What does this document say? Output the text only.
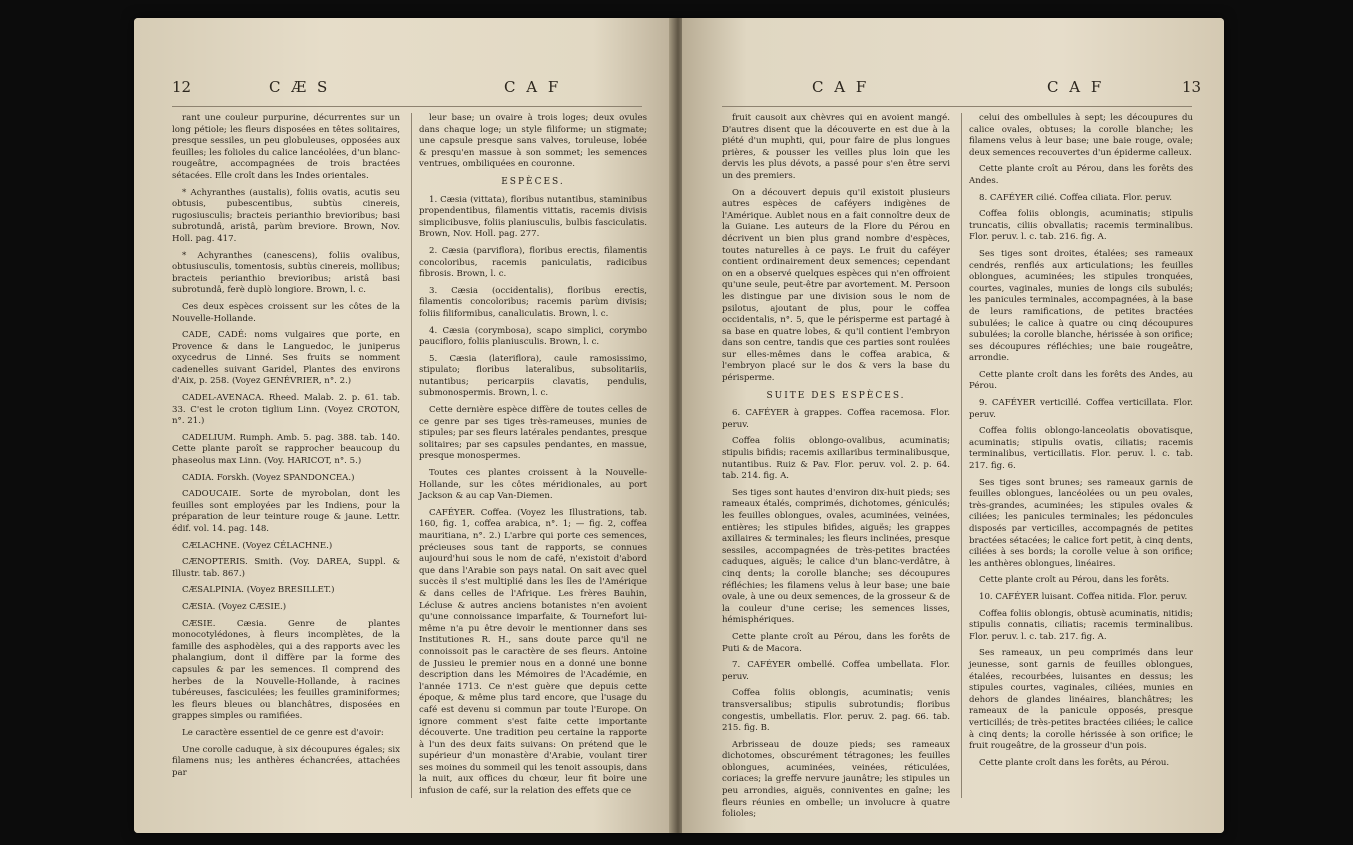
12	C Æ S	C A F

rant une couleur purpurine, décurrentes sur un long pétiole; les fleurs disposées en têtes solitaires, presque sessiles, un peu globuleuses, opposées aux feuilles; les folioles du calice lancéolées, d'un blanc-rougeâtre, accompagnées de trois bractées sétacées. Elle croît dans les Indes orientales.

* Achyranthes (austalis), foliis ovatis, acutis seu obtusis, pubescentibus, subtùs cinereis, rugosiusculis; bracteis perianthio brevioribus; basi subrotundâ, aristâ, parùm breviore. Brown, Nov. Holl. pag. 417.

* Achyranthes (canescens), foliis ovalibus, obtusiusculis, tomentosis, subtùs cinereis, mollibus; bracteis perianthio brevioribus; aristâ basi subrotundâ, ferè duplò longiore. Brown, l. c.

Ces deux espèces croissent sur les côtes de la Nouvelle-Hollande.

CADE, CADÉ: noms vulgaires que porte, en Provence & dans le Languedoc, le juniperus oxycedrus de Linné. Ses fruits se nomment cadenelles suivant Garidel, Plantes des environs d'Aix, p. 258. (Voyez GENÉVRIER, n°. 2.)

CADEL-AVENACA. Rheed. Malab. 2. p. 61. tab. 33. C'est le croton tiglium Linn. (Voyez CROTON, n°. 21.)

CADELIUM. Rumph. Amb. 5. pag. 388. tab. 140. Cette plante paroît se rapprocher beaucoup du phaseolus max Linn. (Voy. HARICOT, n°. 5.)

CADIA. Forskh. (Voyez SPANDONCEA.)

CADOUCAIE. Sorte de myrobolan, dont les feuilles sont employées par les Indiens, pour la préparation de leur teinture rouge & jaune. Lettr. édif. vol. 14. pag. 148.

CÆLACHNE. (Voyez CÉLACHNE.)

CÆNOPTERIS. Smith. (Voy. DAREA, Suppl. & Illustr. tab. 867.)

CÆSALPINIA. (Voyez BRESILLET.)

CÆSIA. (Voyez CÆSIE.)

CÆSIE. Cæsia. Genre de plantes monocotylédones, à fleurs incomplètes, de la famille des asphodèles, qui a des rapports avec les phalangium, dont il diffère par la forme des capsules & par les semences. Il comprend des herbes de la Nouvelle-Hollande, à racines tubéreuses, fasciculées; les feuilles graminiformes; les fleurs bleues ou blanchâtres, disposées en grappes simples ou ramifiées.

Le caractère essentiel de ce genre est d'avoir:

Une corolle caduque, à six découpures égales; six filamens nus; les anthères échancrées, attachées par

leur base; un ovaire à trois loges; deux ovules dans chaque loge; un style filiforme; un stigmate; une capsule presque sans valves, toruleuse, lobée & presqu'en massue à son sommet; les semences ventrues, ombiliquées en couronne.

ESPÈCES.

1. Cæsia (vittata), floribus nutantibus, staminibus propendentibus, filamentis vittatis, racemis divisis simplicibusve, foliis planiusculis, bulbis fasciculatis. Brown, Nov. Holl. pag. 277.

2. Cæsia (parviflora), floribus erectis, filamentis concoloribus, racemis paniculatis, radicibus fibrosis. Brown, l. c.

3. Cæsia (occidentalis), floribus erectis, filamentis concoloribus; racemis parùm divisis; foliis filiformibus, canaliculatis. Brown, l. c.

4. Cæsia (corymbosa), scapo simplici, corymbo paucifloro, foliis planiusculis. Brown, l. c.

5. Cæsia (lateriflora), caule ramosissimo, stipulato; floribus lateralibus, subsolitariis, nutantibus; pericarpiis clavatis, pendulis, submonospermis. Brown, l. c.

Cette dernière espèce diffère de toutes celles de ce genre par ses tiges très-rameuses, munies de stipules; par ses fleurs latérales pendantes, presque solitaires; par ses capsules pendantes, en massue, presque monospermes.

Toutes ces plantes croissent à la Nouvelle-Hollande, sur les côtes méridionales, au port Jackson & au cap Van-Diemen.

CAFÉYER. Coffea. (Voyez les Illustrations, tab. 160, fig. 1, coffea arabica, n°. 1; — fig. 2, coffea mauritiana, n°. 2.) L'arbre qui porte ces semences, précieuses sous tant de rapports, se connues aujourd'hui sous le nom de café, n'existoit d'abord que dans l'Arabie son pays natal. On sait avec quel succès il s'est multiplié dans les îles de l'Amérique & dans celles de l'Afrique. Les frères Bauhin, Lécluse & autres anciens botanistes n'en avoient qu'une connoissance imparfaite, & Tournefort lui-même n'a pu être devoir le mentionner dans ses Institutiones R. H., sans doute parce qu'il ne connoissoit pas le caractère de ses fleurs. Antoine de Jussieu le premier nous en a donné une bonne description dans les Mémoires de l'Académie, en l'année 1713. Ce n'est guère que depuis cette époque, & même plus tard encore, que l'usage du café est devenu si commun par toute l'Europe. On ignore comment s'est faite cette importante découverte. Une tradition peu certaine la rapporte à l'un des deux faits suivans: On prétend que le supérieur d'un monastère d'Arabie, voulant tirer ses moines du sommeil qui les tenoit assoupis, dans la nuit, aux offices du chœur, leur fit boire une infusion de café, sur la relation des effets que ce

C A F	C A F	13

fruit causoit aux chèvres qui en avoient mangé. D'autres disent que la découverte en est due à la piété d'un muphti, qui, pour faire de plus longues prières, & pousser les veilles plus loin que les dervis les plus dévots, a passé pour s'en être servi un des premiers.

On a découvert depuis qu'il existoit plusieurs autres espèces de caféyers indigènes de l'Amérique. Aublet nous en a fait connoître deux de la Guiane. Les auteurs de la Flore du Pérou en décrivent un bien plus grand nombre d'espèces, toutes naturelles à ce pays. Le fruit du caféyer contient ordinairement deux semences; cependant on en a observé quelques espèces qui n'en offroient qu'une seule, peut-être par avortement. M. Persoon les distingue par une division sous le nom de psilotus, ajoutant de plus, pour le coffea occidentalis, n°. 5, que le périsperme est partagé à sa base en quatre lobes, & qu'il contient l'embryon dans son centre, tandis que ces parties sont roulées sur elles-mêmes dans le coffea arabica, & l'embryon placé sur le dos & vers la base du périsperme.

SUITE DES ESPÈCES.

6. CAFÉYER à grappes. Coffea racemosa. Flor. peruv.

Coffea foliis oblongo-ovalibus, acuminatis; stipulis bifidis; racemis axillaribus terminalibusque, nutantibus. Ruiz & Pav. Flor. peruv. vol. 2. p. 64. tab. 214. fig. A.

Ses tiges sont hautes d'environ dix-huit pieds; ses rameaux étalés, comprimés, dichotomes, géniculés; les feuilles oblongues, ovales, acuminées, veinées, entières; les stipules bifides, aiguës; les grappes axillaires & terminales; les fleurs inclinées, presque sessiles, accompagnées de très-petites bractées caduques, aiguës; le calice d'un blanc-verdâtre, à cinq dents; la corolle blanche; ses découpures réfléchies; les filamens velus à leur base; une baie ovale, à une ou deux semences, de la grosseur & de la couleur d'une cerise; les semences lisses, hémisphériques.

Cette plante croît au Pérou, dans les forêts de Puti & de Macora.

7. CAFÉYER ombellé. Coffea umbellata. Flor. peruv.

Coffea foliis oblongis, acuminatis; venis transversalibus; stipulis subrotundis; floribus congestis, umbellatis. Flor. peruv. 2. pag. 66. tab. 215. fig. B.

Arbrisseau de douze pieds; ses rameaux dichotomes, obscurément tétragones; les feuilles oblongues, acuminées, veinées, réticulées, coriaces; la greffe nervure jaunâtre; les stipules un peu arrondies, aiguës, conniventes en gaîne; les fleurs réunies en ombelle; un involucre à quatre folioles;

celui des ombellules à sept; les découpures du calice ovales, obtuses; la corolle blanche; les filamens velus à leur base; une baie rouge, ovale; deux semences recouvertes d'un épiderme calleux.

Cette plante croît au Pérou, dans les forêts des Andes.

8. CAFÉYER cilié. Coffea ciliata. Flor. peruv.

Coffea foliis oblongis, acuminatis; stipulis truncatis, ciliis obvallatis; racemis terminalibus. Flor. peruv. l. c. tab. 216. fig. A.

Ses tiges sont droites, étalées; ses rameaux cendrés, renflés aux articulations; les feuilles oblongues, acuminées; les stipules tronquées, courtes, vaginales, munies de longs cils subulés; les panicules terminales, accompagnées, à la base de leurs ramifications, de petites bractées subulées; le calice à quatre ou cinq découpures subulées; la corolle blanche, hérissée à son orifice; ses découpures réfléchies; une baie rougeâtre, arrondie.

Cette plante croît dans les forêts des Andes, au Pérou.

9. CAFÉYER verticillé. Coffea verticillata. Flor. peruv.

Coffea foliis oblongo-lanceolatis obovatisque, acuminatis; stipulis ovatis, ciliatis; racemis terminalibus, verticillatis. Flor. peruv. l. c. tab. 217. fig. 6.

Ses tiges sont brunes; ses rameaux garnis de feuilles oblongues, lancéolées ou un peu ovales, très-grandes, acuminées; les stipules ovales & ciliées; les panicules terminales; les pédoncules disposés par verticilles, accompagnés de petites bractées sétacées; le calice fort petit, à cinq dents, ciliées à ses bords; la corolle velue à son orifice; les anthères oblongues, linéaires.

Cette plante croît au Pérou, dans les forêts.

10. CAFÉYER luisant. Coffea nitida. Flor. peruv.

Coffea foliis oblongis, obtusè acuminatis, nitidis; stipulis connatis, ciliatis; racemis terminalibus. Flor. peruv. l. c. tab. 217. fig. A.

Ses rameaux, un peu comprimés dans leur jeunesse, sont garnis de feuilles oblongues, étalées, recourbées, luisantes en dessus; les stipules courtes, vaginales, ciliées, munies en dehors de glandes linéaires, blanchâtres; les rameaux de la panicule opposés, presque verticillés; de très-petites bractées ciliées; le calice à cinq dents; la corolle hérissée à son orifice; le fruit rougeâtre, de la grosseur d'un pois.

Cette plante croît dans les forêts, au Pérou.
